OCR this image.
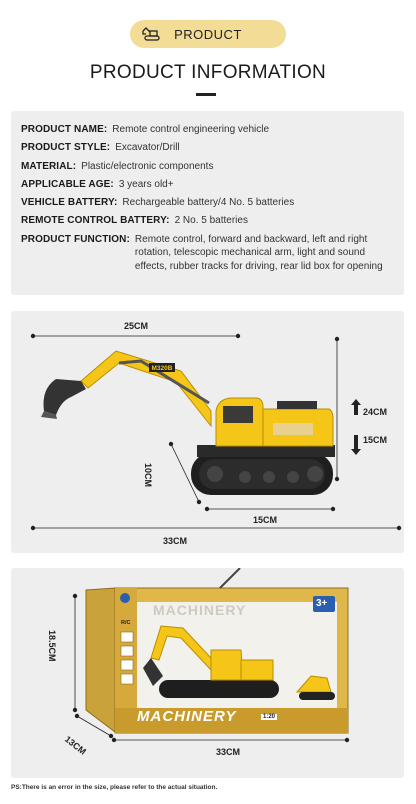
PRODUCT
PRODUCT INFORMATION
PRODUCT NAME: Remote control engineering vehicle
PRODUCT STYLE: Excavator/Drill
MATERIAL: Plastic/electronic components
APPLICABLE AGE: 3 years old+
VEHICLE BATTERY: Rechargeable battery/4 No. 5 batteries
REMOTE CONTROL BATTERY: 2 No. 5 batteries
PRODUCT FUNCTION: Remote control, forward and backward, left and right rotation, telescopic mechanical arm, light and sound effects, rubber tracks for driving, rear lid box for opening
M320B
25CM
24CM
15CM
10CM
15CM
33CM
18.5CM
13CM	33CM
MACHINERY
MACHINERY	3+
1:20
R/C
PS:There is an error in the size, please refer to the actual situation.
